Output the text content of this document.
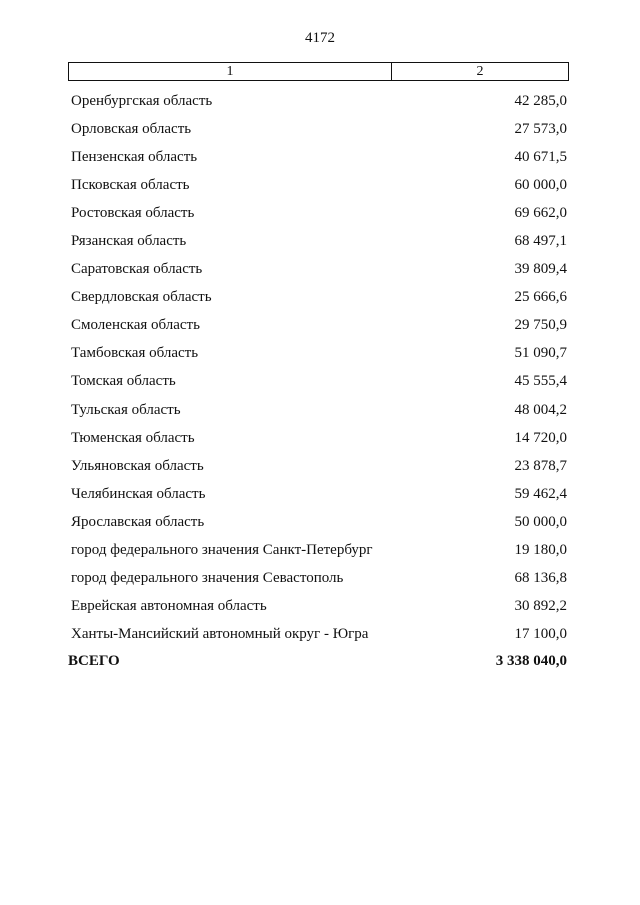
4172
1	2
Оренбургская область	42 285,0
Орловская область	27 573,0
Пензенская область	40 671,5
Псковская область	60 000,0
Ростовская область	69 662,0
Рязанская область	68 497,1
Саратовская область	39 809,4
Свердловская область	25 666,6
Смоленская область	29 750,9
Тамбовская область	51 090,7
Томская область	45 555,4
Тульская область	48 004,2
Тюменская область	14 720,0
Ульяновская область	23 878,7
Челябинская область	59 462,4
Ярославская область	50 000,0
город федерального значения Санкт-Петербург	19 180,0
город федерального значения Севастополь	68 136,8
Еврейская автономная область	30 892,2
Ханты-Мансийский автономный округ - Югра	17 100,0
ВСЕГО	3 338 040,0
